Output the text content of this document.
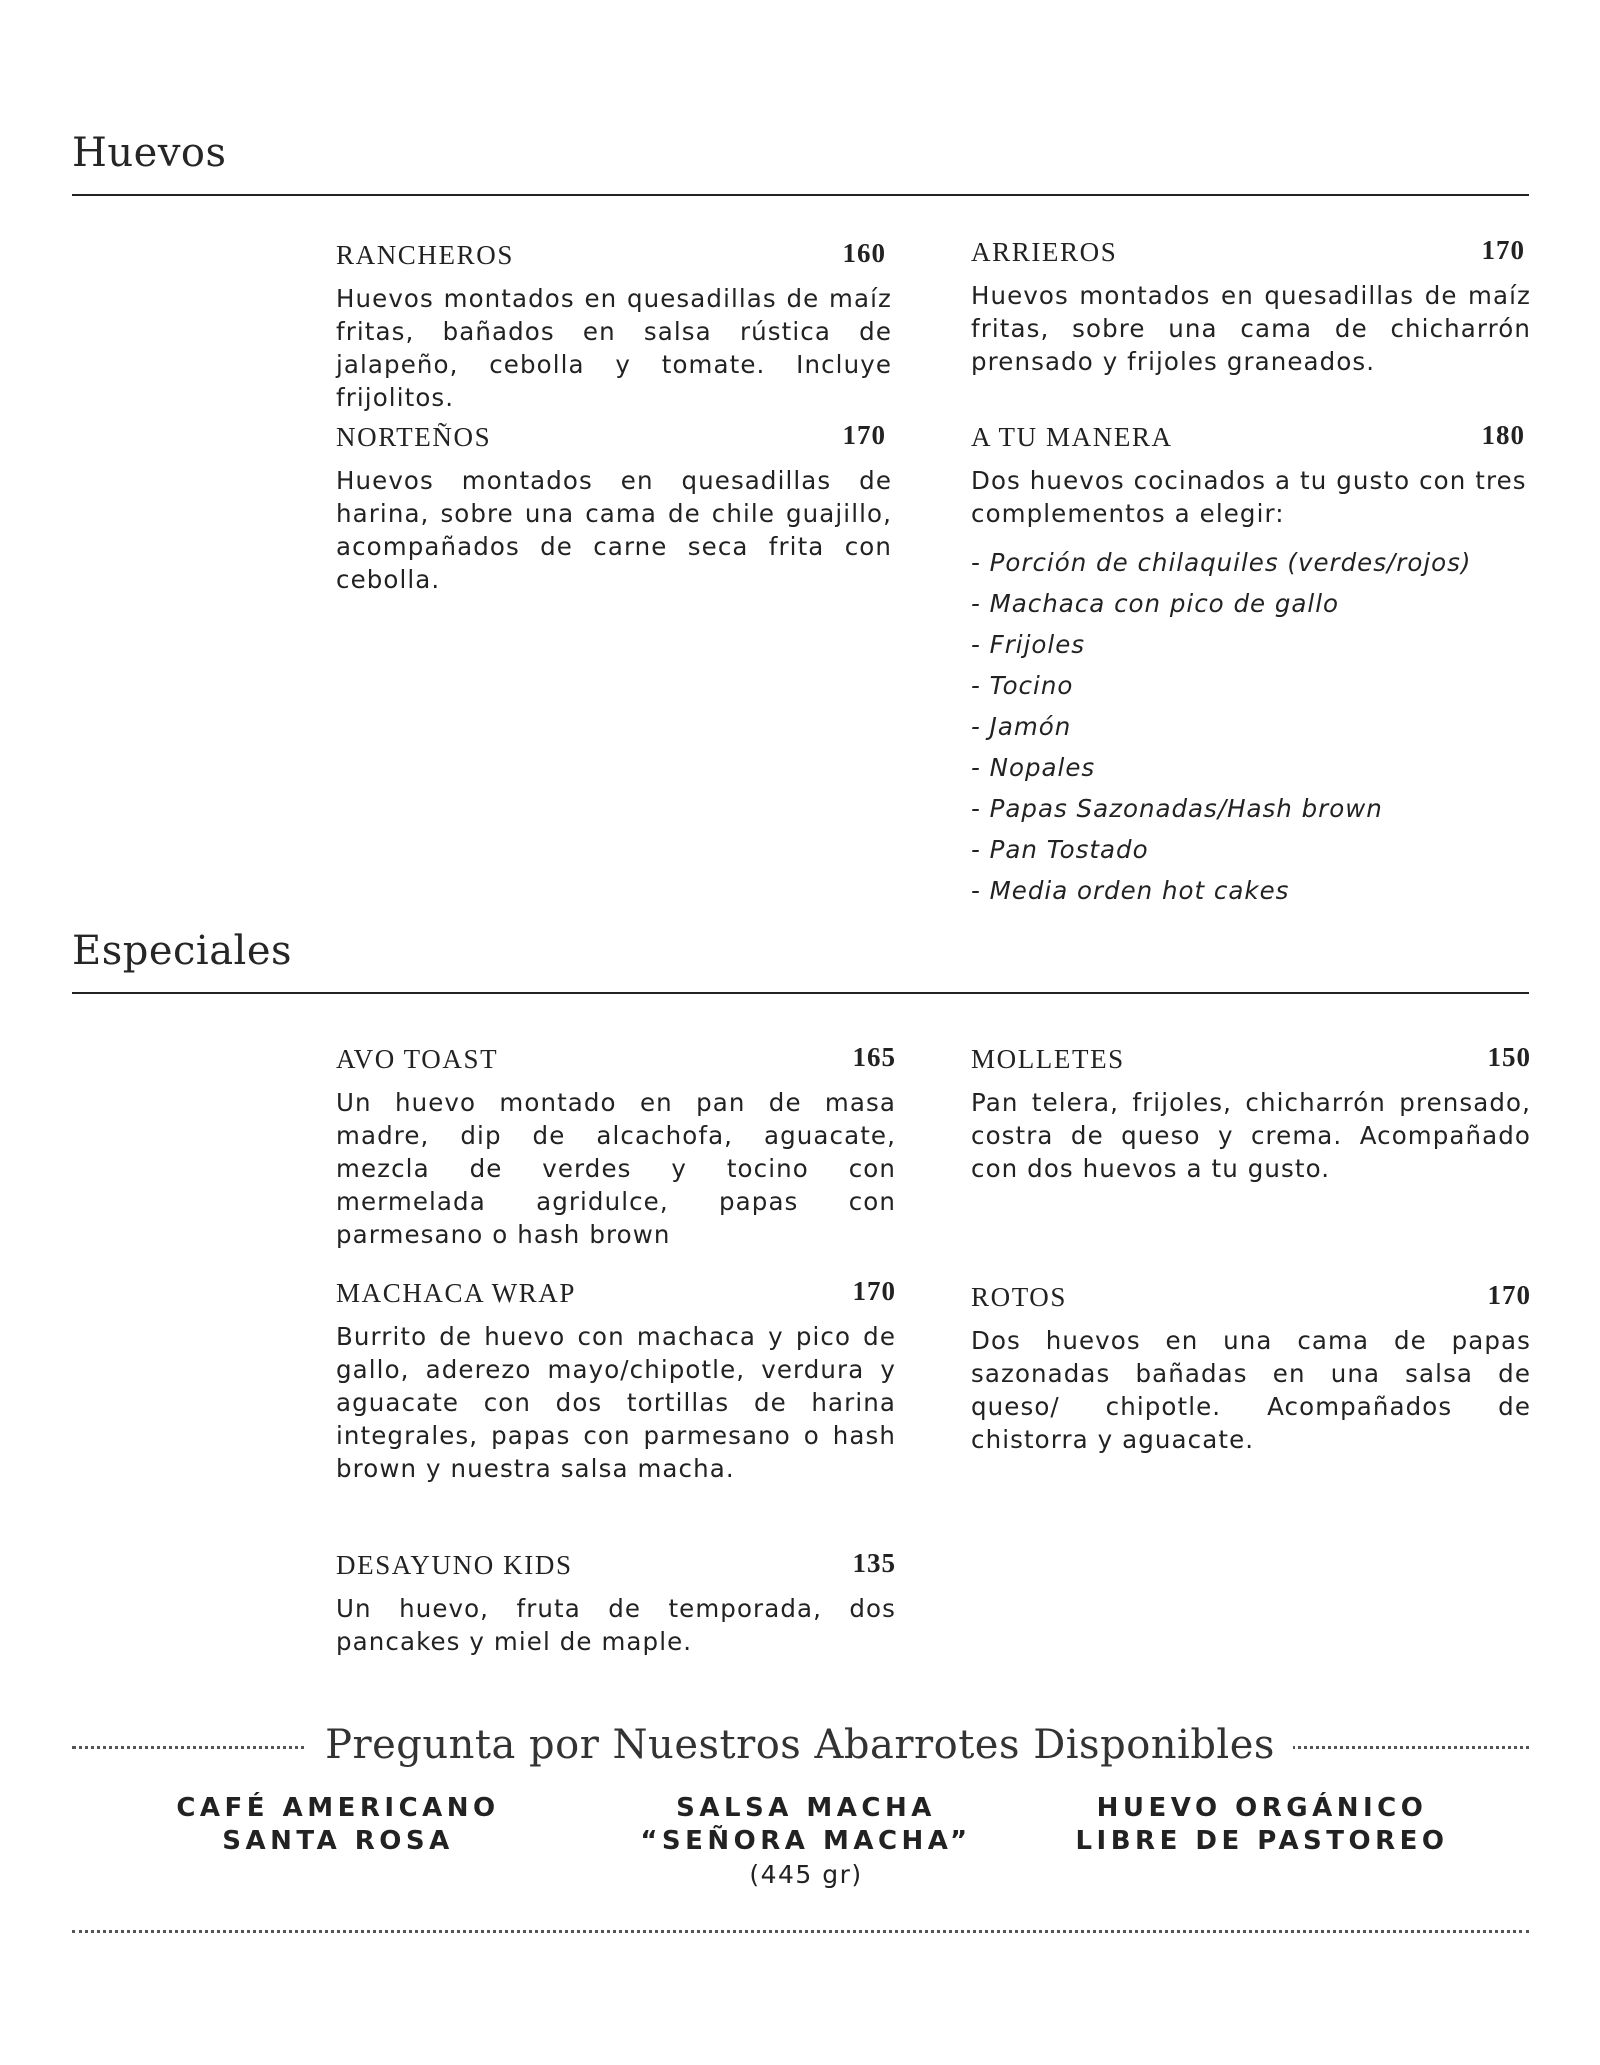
Huevos
RANCHEROS	160

Huevos montados en quesadillas de maíz fritas, bañados en salsa rústica de jalapeño, cebolla y tomate. Incluye frijolitos.

ARRIEROS	170

Huevos montados en quesadillas de maíz fritas, sobre una cama de chicharrón prensado y frijoles graneados.

NORTEÑOS	170

Huevos montados en quesadillas de harina, sobre una cama de chile guajillo, acompañados de carne seca frita con cebolla.

A TU MANERA	180

Dos huevos cocinados a tu gusto con tres complementos a elegir:

- Porción de chilaquiles (verdes/rojos)
- Machaca con pico de gallo
- Frijoles
- Tocino
- Jamón
- Nopales
- Papas Sazonadas/Hash brown
- Pan Tostado
- Media orden hot cakes
Especiales
AVO TOAST	165

Un huevo montado en pan de masa madre, dip de alcachofa, aguacate, mezcla de verdes y tocino con mermelada agridulce, papas con parmesano o hash brown

MOLLETES	150

Pan telera, frijoles, chicharrón prensado, costra de queso y crema. Acompañado con dos huevos a tu gusto.

MACHACA WRAP	170

Burrito de huevo con machaca y pico de gallo, aderezo mayo/chipotle, verdura y aguacate con dos tortillas de harina integrales, papas con parmesano o hash brown y nuestra salsa macha.

ROTOS	170

Dos huevos en una cama de papas sazonadas bañadas en una salsa de queso/ chipotle. Acompañados de chistorra y aguacate.

DESAYUNO KIDS	135

Un huevo, fruta de temporada, dos pancakes y miel de maple.

Pregunta por Nuestros Abarrotes Disponibles
CAFÉ AMERICANO
SANTA ROSA
SALSA MACHA
“SEÑORA MACHA”
(445 gr)
HUEVO ORGÁNICO
LIBRE DE PASTOREO
